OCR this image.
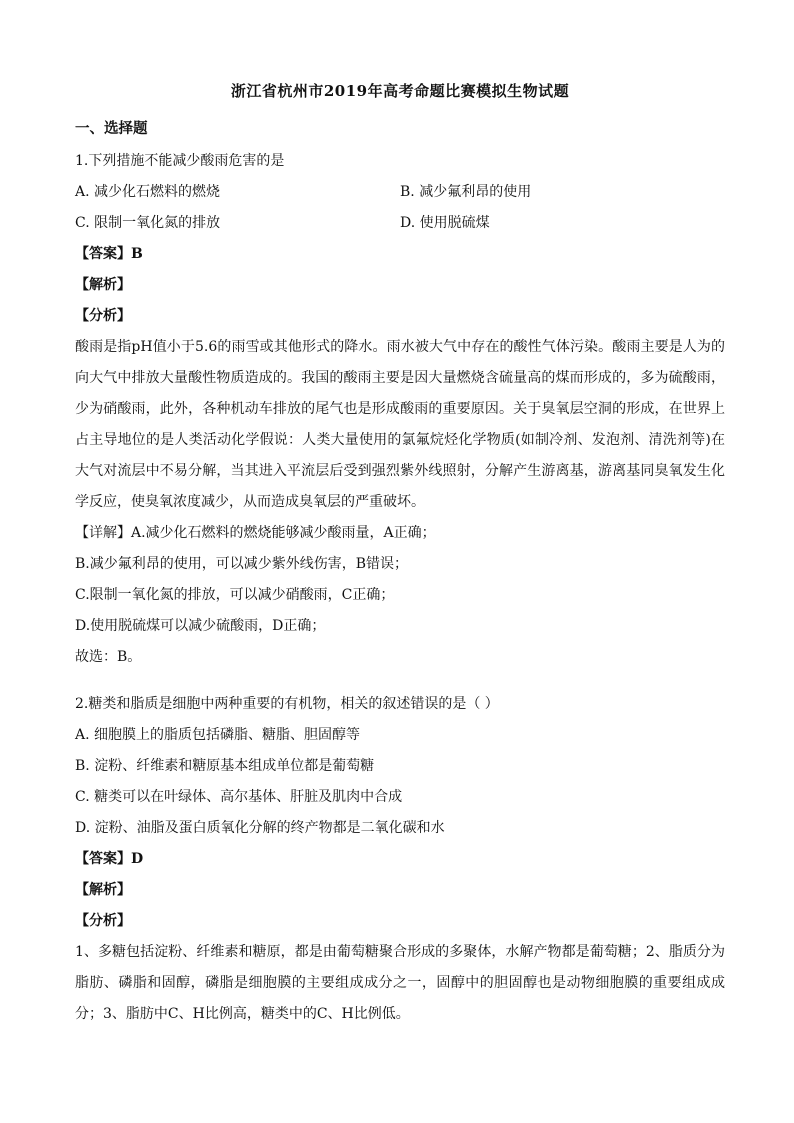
浙江省杭州市2019年高考命题比赛模拟生物试题

一、选择题

1.下列措施不能减少酸雨危害的是

A. 减少化石燃料的燃烧	B. 减少氟利昂的使用

C. 限制一氧化氮的排放	D. 使用脱硫煤

【答案】B

【解析】

【分析】

酸雨是指pH值小于5.6的雨雪或其他形式的降水。雨水被大气中存在的酸性气体污染。酸雨主要是人为的向大气中排放大量酸性物质造成的。我国的酸雨主要是因大量燃烧含硫量高的煤而形成的，多为硫酸雨，少为硝酸雨，此外，各种机动车排放的尾气也是形成酸雨的重要原因。关于臭氧层空洞的形成，在世界上占主导地位的是人类活动化学假说：人类大量使用的氯氟烷烃化学物质(如制冷剂、发泡剂、清洗剂等)在大气对流层中不易分解，当其进入平流层后受到强烈紫外线照射，分解产生游离基，游离基同臭氧发生化学反应，使臭氧浓度减少，从而造成臭氧层的严重破坏。

【详解】A.减少化石燃料的燃烧能够减少酸雨量，A正确；

B.减少氟利昂的使用，可以减少紫外线伤害，B错误；

C.限制一氧化氮的排放，可以减少硝酸雨，C正确；

D.使用脱硫煤可以减少硫酸雨，D正确；

故选：B。

2.糖类和脂质是细胞中两种重要的有机物，相关的叙述错误的是（ ）

A. 细胞膜上的脂质包括磷脂、糖脂、胆固醇等

B. 淀粉、纤维素和糖原基本组成单位都是葡萄糖

C. 糖类可以在叶绿体、高尔基体、肝脏及肌肉中合成

D. 淀粉、油脂及蛋白质氧化分解的终产物都是二氧化碳和水

【答案】D

【解析】

【分析】

1、多糖包括淀粉、纤维素和糖原，都是由葡萄糖聚合形成的多聚体，水解产物都是葡萄糖；2、脂质分为脂肪、磷脂和固醇，磷脂是细胞膜的主要组成成分之一，固醇中的胆固醇也是动物细胞膜的重要组成成分；3、脂肪中C、H比例高，糖类中的C、H比例低。
